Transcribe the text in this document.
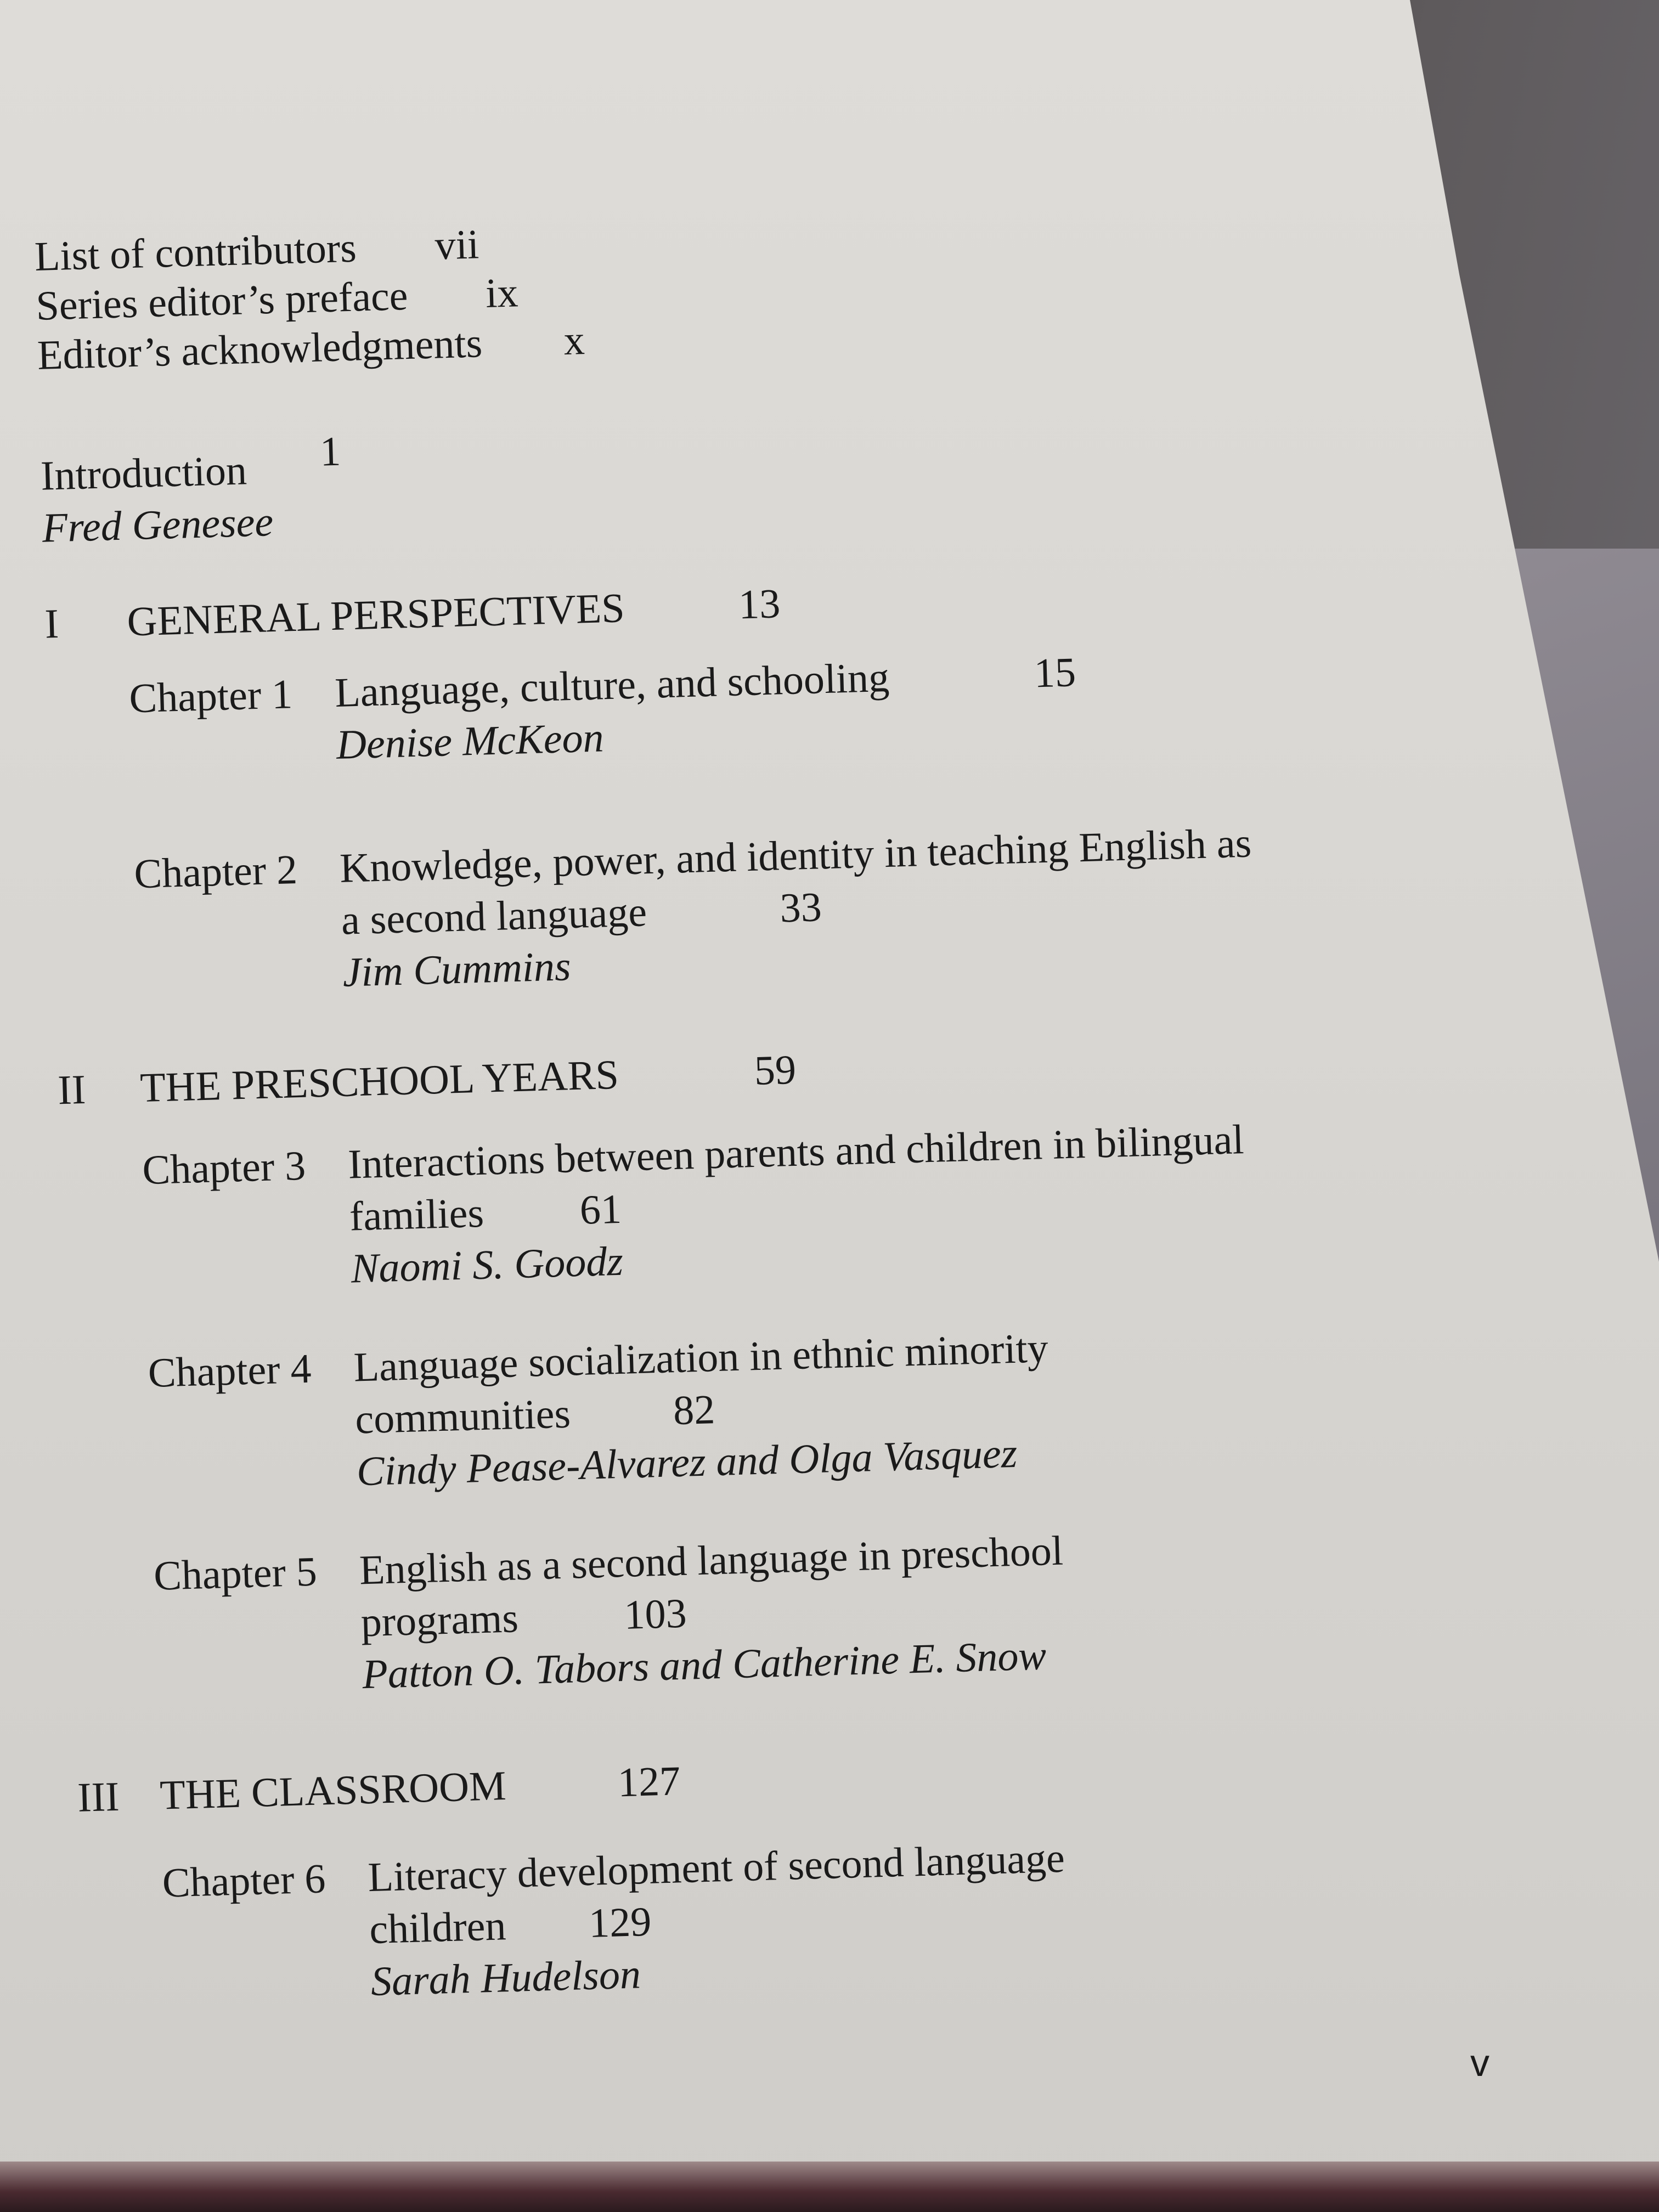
List of contributors vii
Series editor’s preface ix
Editor’s acknowledgments x
Introduction 1
Fred Genesee
I GENERAL PERSPECTIVES	13
Chapter 1 Language, culture, and schooling	15
Denise McKeon
Chapter 2 Knowledge, power, and identity in teaching English as
a second language	33
Jim Cummins
II THE PRESCHOOL YEARS	59
Chapter 3 Interactions between parents and children in bilingual
families 61
Naomi S. Goodz
Chapter 4 Language socialization in ethnic minority
communities 82
Cindy Pease-Alvarez and Olga Vasquez
Chapter 5 English as a second language in preschool
programs	103
Patton O. Tabors and Catherine E. Snow
III THE CLASSROOM	127
Chapter 6 Literacy development of second language
children 129
Sarah Hudelson
v
